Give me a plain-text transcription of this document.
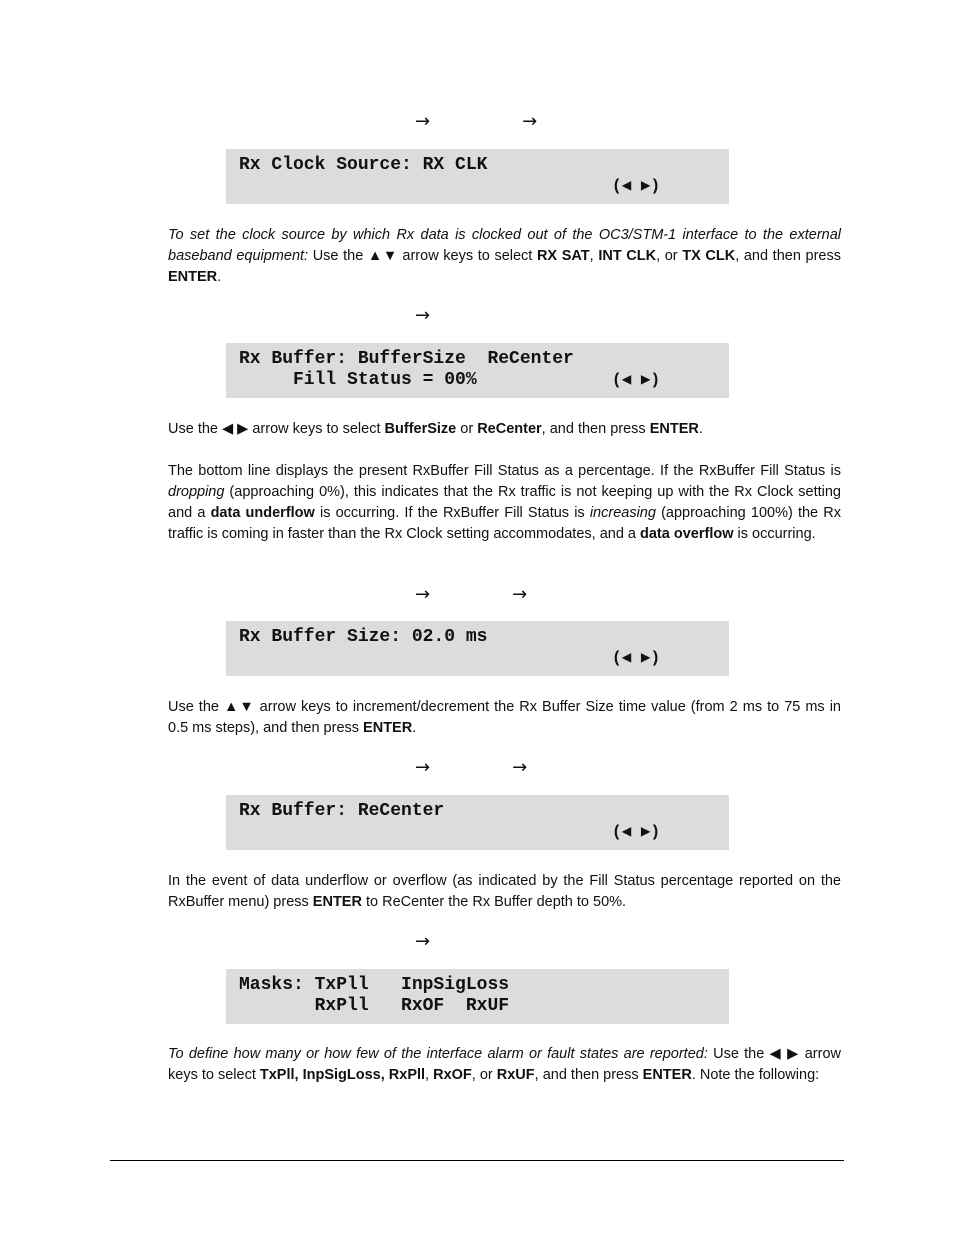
→	→
Rx Clock Source: RX CLK
(◀ ▶)
To set the clock source by which Rx data is clocked out of the OC3/STM-1 interface to the external baseband equipment: Use the ▲▼ arrow keys to select RX SAT, INT CLK, or TX CLK, and then press ENTER.
→
Rx Buffer: BufferSize  ReCenter
Fill Status = 00%	(◀ ▶)
Use the ◀ ▶ arrow keys to select BufferSize or ReCenter, and then press ENTER.
The bottom line displays the present RxBuffer Fill Status as a percentage. If the RxBuffer Fill Status is dropping (approaching 0%), this indicates that the Rx traffic is not keeping up with the Rx Clock setting and a data underflow is occurring. If the RxBuffer Fill Status is increasing (approaching 100%) the Rx traffic is coming in faster than the Rx Clock setting accommodates, and a data overflow is occurring.
→	→
Rx Buffer Size: 02.0 ms
(◀ ▶)
Use the ▲▼ arrow keys to increment/decrement the Rx Buffer Size time value (from 2 ms to 75 ms in 0.5 ms steps), and then press ENTER.
→	→
Rx Buffer: ReCenter
(◀ ▶)
In the event of data underflow or overflow (as indicated by the Fill Status percentage reported on the RxBuffer menu) press ENTER to ReCenter the Rx Buffer depth to 50%.
→
Masks: TxPll   InpSigLoss
RxPll   RxOF  RxUF
To define how many or how few of the interface alarm or fault states are reported: Use the ◀ ▶ arrow keys to select TxPll, InpSigLoss, RxPll, RxOF, or RxUF, and then press ENTER. Note the following:
